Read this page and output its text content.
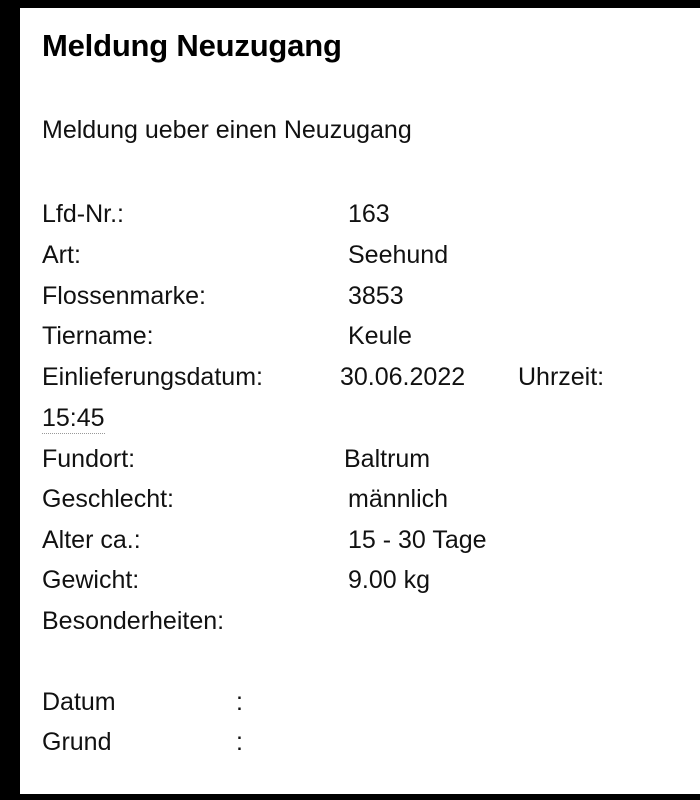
Meldung Neuzugang
Meldung ueber einen Neuzugang
Lfd-Nr.:	163
Art:	Seehund
Flossenmarke:	3853
Tiername:	Keule
Einlieferungsdatum:	30.06.2022 Uhrzeit:
15:45
Fundort:	Baltrum
Geschlecht:	männlich
Alter ca.:	15 - 30 Tage
Gewicht:	9.00 kg
Besonderheiten:
Datum	:
Grund	:
